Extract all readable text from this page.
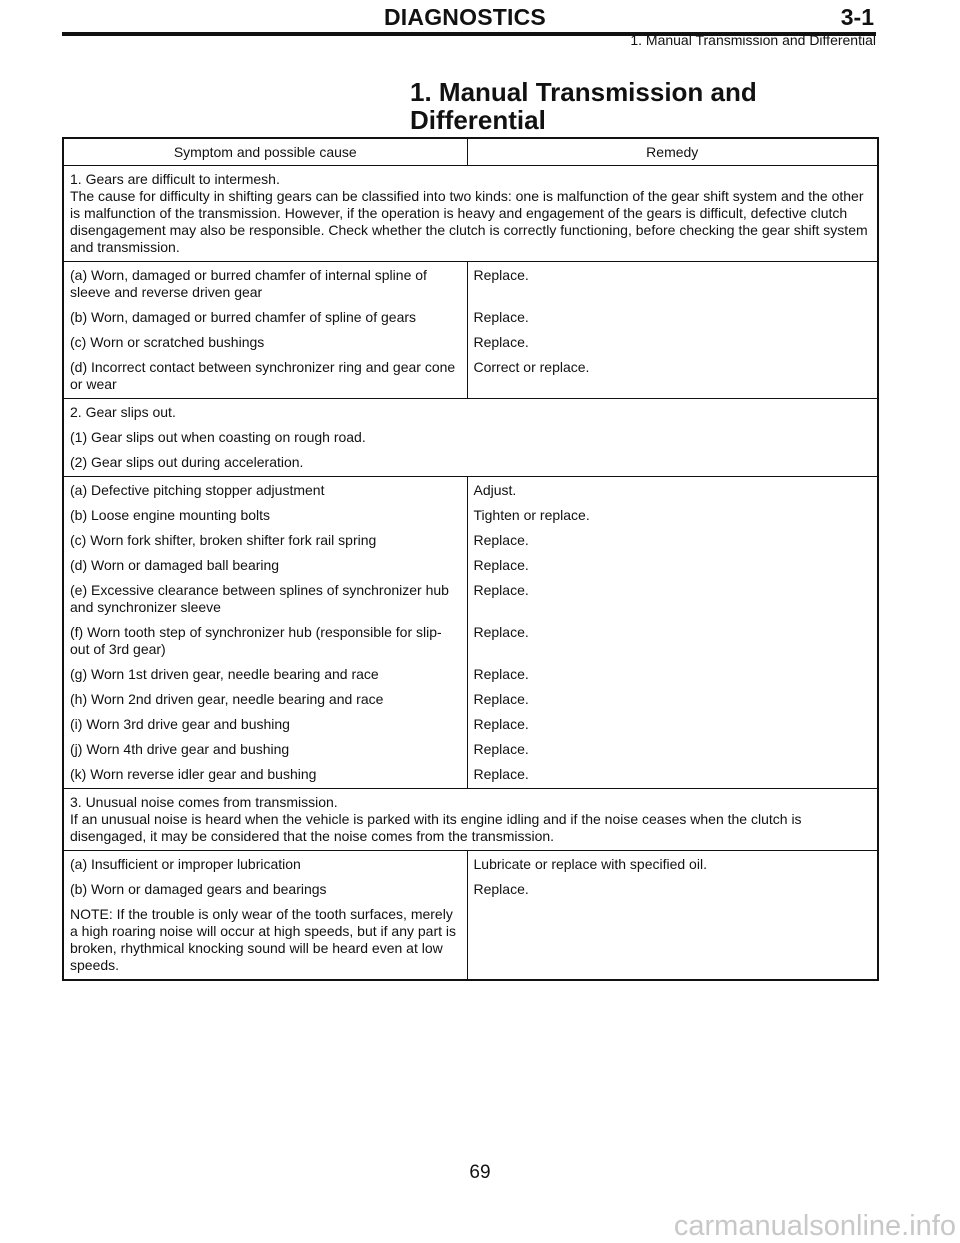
DIAGNOSTICS	3-1
1. Manual Transmission and Differential
1. Manual Transmission and
Differential
Symptom and possible cause	Remedy
1. Gears are difficult to intermesh.
The cause for difficulty in shifting gears can be classified into two kinds: one is malfunction of the gear shift system and the other is malfunction of the transmission. However, if the operation is heavy and engagement of the gears is difficult, defective clutch disengagement may also be responsible. Check whether the clutch is correctly functioning, before checking the gear shift system and transmission.	
(a) Worn, damaged or burred chamfer of internal spline of sleeve and reverse driven gear	Replace.
(b) Worn, damaged or burred chamfer of spline of gears	Replace.
(c) Worn or scratched bushings	Replace.
(d) Incorrect contact between synchronizer ring and gear cone or wear	Correct or replace.

2. Gear slips out.
(1) Gear slips out when coasting on rough road.
(2) Gear slips out during acceleration.	

(a) Defective pitching stopper adjustment	Adjust.
(b) Loose engine mounting bolts	Tighten or replace.
(c) Worn fork shifter, broken shifter fork rail spring	Replace.
(d) Worn or damaged ball bearing	Replace.
(e) Excessive clearance between splines of synchronizer hub and synchronizer sleeve	Replace.
(f) Worn tooth step of synchronizer hub (responsible for slip-out of 3rd gear)	Replace.
(g) Worn 1st driven gear, needle bearing and race	Replace.
(h) Worn 2nd driven gear, needle bearing and race	Replace.
(i) Worn 3rd drive gear and bushing	Replace.
(j) Worn 4th drive gear and bushing	Replace.
(k) Worn reverse idler gear and bushing	Replace.
3. Unusual noise comes from transmission.
If an unusual noise is heard when the vehicle is parked with its engine idling and if the noise ceases when the clutch is disengaged, it may be considered that the noise comes from the transmission.	
(a) Insufficient or improper lubrication	Lubricate or replace with specified oil.
(b) Worn or damaged gears and bearings	Replace.
NOTE: If the trouble is only wear of the tooth surfaces, merely a high roaring noise will occur at high speeds, but if any part is broken, rhythmical knocking sound will be heard even at low speeds.	
69
carmanualsonline.info
